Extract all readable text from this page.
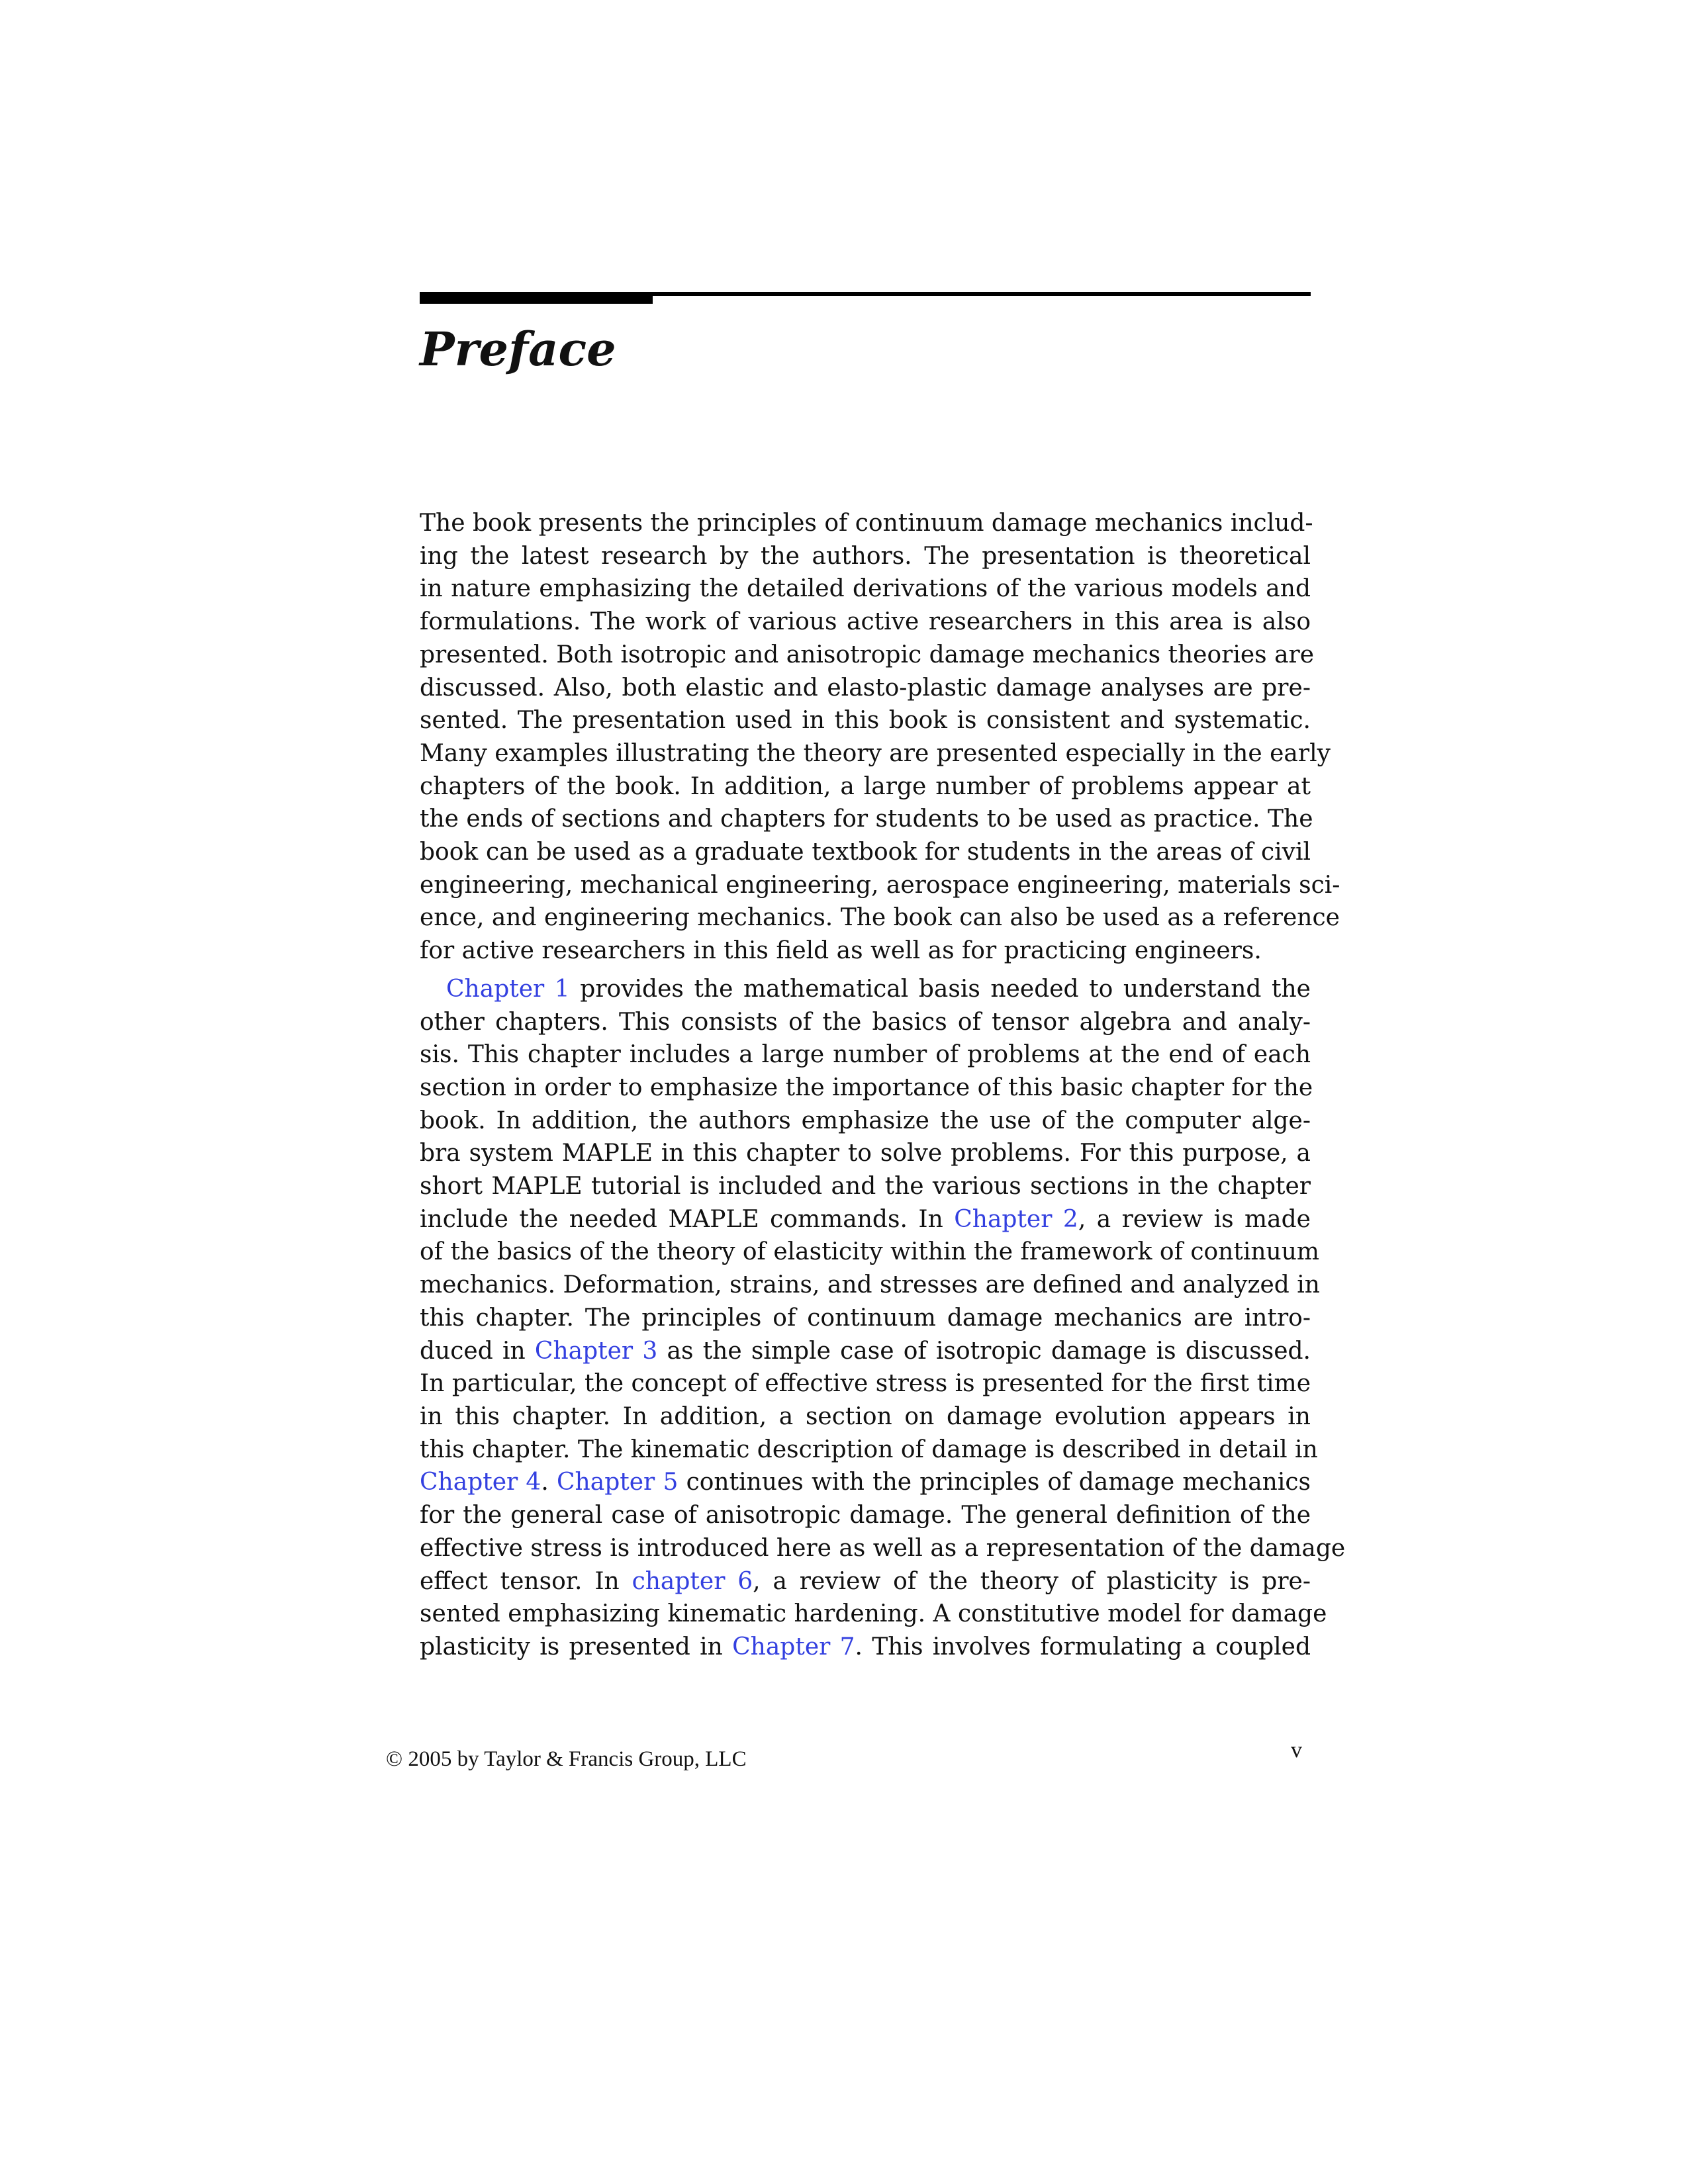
Preface
The book presents the principles of continuum damage mechanics includ-
ing the latest research by the authors. The presentation is theoretical
in nature emphasizing the detailed derivations of the various models and
formulations. The work of various active researchers in this area is also
presented. Both isotropic and anisotropic damage mechanics theories are
discussed. Also, both elastic and elasto-plastic damage analyses are pre-
sented. The presentation used in this book is consistent and systematic.
Many examples illustrating the theory are presented especially in the early
chapters of the book. In addition, a large number of problems appear at
the ends of sections and chapters for students to be used as practice. The
book can be used as a graduate textbook for students in the areas of civil
engineering, mechanical engineering, aerospace engineering, materials sci-
ence, and engineering mechanics. The book can also be used as a reference
for active researchers in this field as well as for practicing engineers.
Chapter 1 provides the mathematical basis needed to understand the
other chapters. This consists of the basics of tensor algebra and analy-
sis. This chapter includes a large number of problems at the end of each
section in order to emphasize the importance of this basic chapter for the
book. In addition, the authors emphasize the use of the computer alge-
bra system MAPLE in this chapter to solve problems. For this purpose, a
short MAPLE tutorial is included and the various sections in the chapter
include the needed MAPLE commands. In Chapter 2, a review is made
of the basics of the theory of elasticity within the framework of continuum
mechanics. Deformation, strains, and stresses are defined and analyzed in
this chapter. The principles of continuum damage mechanics are intro-
duced in Chapter 3 as the simple case of isotropic damage is discussed.
In particular, the concept of effective stress is presented for the first time
in this chapter. In addition, a section on damage evolution appears in
this chapter. The kinematic description of damage is described in detail in
Chapter 4. Chapter 5 continues with the principles of damage mechanics
for the general case of anisotropic damage. The general definition of the
effective stress is introduced here as well as a representation of the damage
effect tensor. In chapter 6, a review of the theory of plasticity is pre-
sented emphasizing kinematic hardening. A constitutive model for damage
plasticity is presented in Chapter 7. This involves formulating a coupled
© 2005 by Taylor & Francis Group, LLC	v
